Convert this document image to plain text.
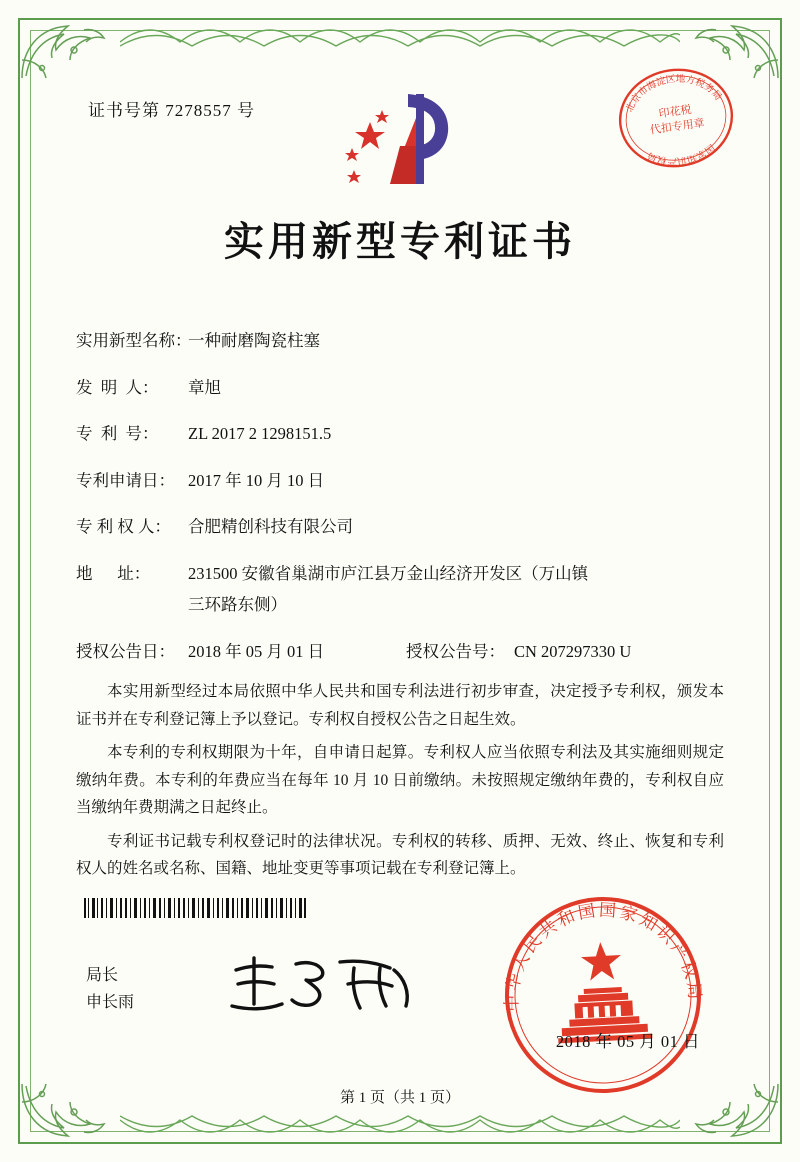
证书号第 7278557 号	北京市海淀区地方税务局
国家知识产权局
印花税
代扣专用章
实用新型专利证书
实用新型名称：
一种耐磨陶瓷柱塞
发  明  人：	章旭
专  利  号：	ZL 2017 2 1298151.5
专利申请日： 2017 年 10 月 10 日
专 利 权 人：	合肥精创科技有限公司
地      址：	231500 安徽省巢湖市庐江县万金山经济开发区（万山镇
三环路东侧）
授权公告日： 2018 年 05 月 01 日	授权公告号： CN 207297330 U

本实用新型经过本局依照中华人民共和国专利法进行初步审查，决定授予专利权，颁发本证书并在专利登记簿上予以登记。专利权自授权公告之日起生效。

本专利的专利权期限为十年，自申请日起算。专利权人应当依照专利法及其实施细则规定缴纳年费。本专利的年费应当在每年 10 月 10 日前缴纳。未按照规定缴纳年费的，专利权自应当缴纳年费期满之日起终止。

专利证书记载专利权登记时的法律状况。专利权的转移、质押、无效、终止、恢复和专利权人的姓名或名称、国籍、地址变更等事项记载在专利登记簿上。

局长
申长雨	中华人民共和国国家知识产权局
2018 年 05 月 01 日
第 1 页（共 1 页）
